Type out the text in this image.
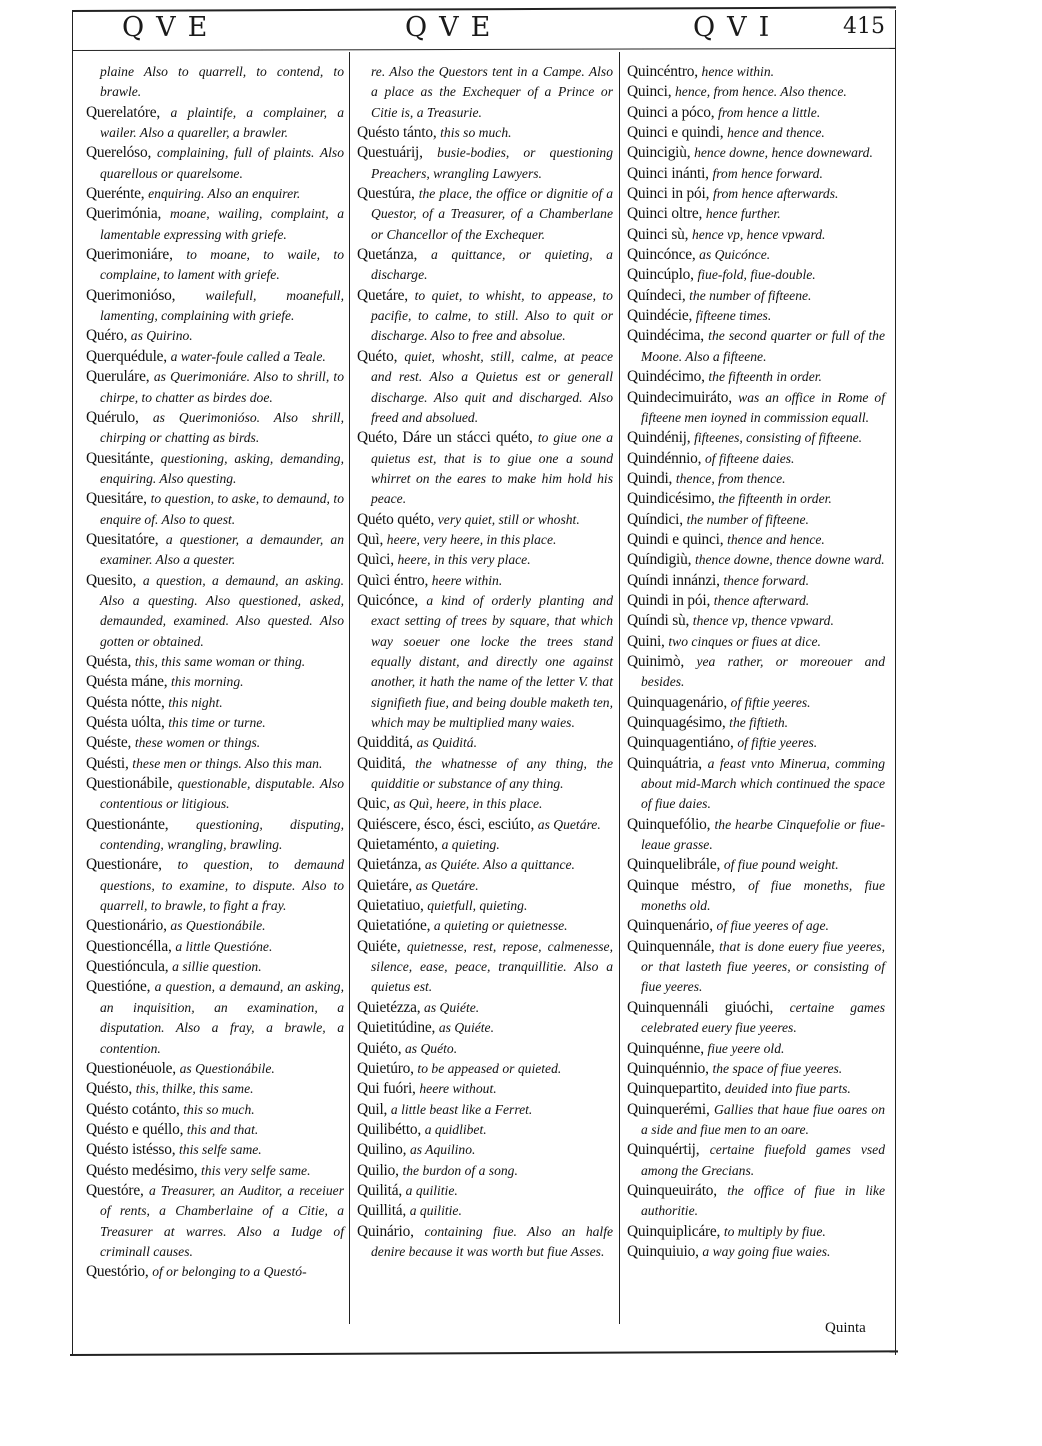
QVE	QVE	QVI	415

plaine Also to quarrell, to contend, to brawle.

Querelatóre, a plaintife, a complainer, a wailer. Also a quareller, a brawler.

Querelóso, complaining, full of plaints. Also quarellous or quarelsome.

Querénte, enquiring. Also an enquirer.

Querimónia, moane, wailing, complaint, a lamentable expressing with griefe.

Querimoniáre, to moane, to waile, to complaine, to lament with griefe.

Querimonióso, wailefull, moanefull, lamenting, complaining with griefe.

Quéro, as Quirino.

Querquédule, a water-foule called a Teale.

Queruláre, as Querimoniáre. Also to shrill, to chirpe, to chatter as birdes doe.

Quérulo, as Querimonióso. Also shrill, chirping or chatting as birds.

Quesitánte, questioning, asking, demanding, enquiring. Also questing.

Quesitáre, to question, to aske, to demaund, to enquire of. Also to quest.

Quesitatóre, a questioner, a demaunder, an examiner. Also a quester.

Quesito, a question, a demaund, an asking. Also a questing. Also questioned, asked, demaunded, examined. Also quested. Also gotten or obtained.

Quésta, this, this same woman or thing.

Quésta máne, this morning.

Quésta nótte, this night.

Quésta uólta, this time or turne.

Quéste, these women or things.

Quésti, these men or things. Also this man.

Questionábile, questionable, disputable. Also contentious or litigious.

Questionánte, questioning, disputing, contending, wrangling, brawling.

Questionáre, to question, to demaund questions, to examine, to dispute. Also to quarrell, to brawle, to fight a fray.

Questionário, as Questionábile.

Questioncélla, a little Questióne.

Questióncula, a sillie question.

Questióne, a question, a demaund, an asking, an inquisition, an examination, a disputation. Also a fray, a brawle, a contention.

Questionéuole, as Questionábile.

Quésto, this, thilke, this same.

Quésto cotánto, this so much.

Quésto e quéllo, this and that.

Quésto istésso, this selfe same.

Quésto medésimo, this very selfe same.

Questóre, a Treasurer, an Auditor, a receiuer of rents, a Chamberlaine of a Citie, a Treasurer at warres. Also a Iudge of criminall causes.

Questório, of or belonging to a Questó-

re. Also the Questors tent in a Campe. Also a place as the Exchequer of a Prince or Citie is, a Treasurie.

Quésto tánto, this so much.

Questuárij, busie-bodies, or questioning Preachers, wrangling Lawyers.

Questúra, the place, the office or dignitie of a Questor, of a Treasurer, of a Chamberlane or Chancellor of the Exchequer.

Quetánza, a quittance, or quieting, a discharge.

Quetáre, to quiet, to whisht, to appease, to pacifie, to calme, to still. Also to quit or discharge. Also to free and absolue.

Quéto, quiet, whosht, still, calme, at peace and rest. Also a Quietus est or generall discharge. Also quit and discharged. Also freed and absolued.

Quéto, Dáre un stácci quéto, to giue one a quietus est, that is to giue one a sound whirret on the eares to make him hold his peace.

Quéto quéto, very quiet, still or whosht.

Quì, heere, very heere, in this place.

Quìci, heere, in this very place.

Quìci éntro, heere within.

Quicónce, a kind of orderly planting and exact setting of trees by square, that which way soeuer one locke the trees stand equally distant, and directly one against another, it hath the name of the letter V. that signifieth fiue, and being double maketh ten, which may be multiplied many waies.

Quidditá, as Quiditá.

Quiditá, the whatnesse of any thing, the quidditie or substance of any thing.

Quic, as Quì, heere, in this place.

Quiéscere, ésco, ésci, esciúto, as Quetáre.

Quietaménto, a quieting.

Quietánza, as Quiéte. Also a quittance.

Quietáre, as Quetáre.

Quietatiuo, quietfull, quieting.

Quietatióne, a quieting or quietnesse.

Quiéte, quietnesse, rest, repose, calmenesse, silence, ease, peace, tranquillitie. Also a quietus est.

Quietézza, as Quiéte.

Quietitúdine, as Quiéte.

Quiéto, as Quéto.

Quietúro, to be appeased or quieted.

Qui fuóri, heere without.

Quil, a little beast like a Ferret.

Quilibétto, a quidlibet.

Quilino, as Aquilino.

Quilio, the burdon of a song.

Quilitá, a quilitie.

Quillitá, a quilitie.

Quinário, containing fiue. Also an halfe denire because it was worth but fiue Asses.

Quincéntro, hence within.

Quinci, hence, from hence. Also thence.

Quinci a póco, from hence a little.

Quinci e quindi, hence and thence.

Quincigiù, hence downe, hence downeward.

Quinci inánti, from hence forward.

Quinci in pói, from hence afterwards.

Quinci oltre, hence further.

Quinci sù, hence vp, hence vpward.

Quincónce, as Quicónce.

Quincúplo, fiue-fold, fiue-double.

Quíndeci, the number of fifteene.

Quindécie, fifteene times.

Quindécima, the second quarter or full of the Moone. Also a fifteene.

Quindécimo, the fifteenth in order.

Quindecimuiráto, was an office in Rome of fifteene men ioyned in commission equall.

Quindénij, fifteenes, consisting of fifteene.

Quindénnio, of fifteene daies.

Quindi, thence, from thence.

Quindicésimo, the fifteenth in order.

Quíndici, the number of fifteene.

Quindi e quinci, thence and hence.

Quíndigiù, thence downe, thence downe ward.

Quíndi innánzi, thence forward.

Quindi in pói, thence afterward.

Quíndi sù, thence vp, thence vpward.

Quini, two cinques or fiues at dice.

Quinimò, yea rather, or moreouer and besides.

Quinquagenário, of fiftie yeeres.

Quinquagésimo, the fiftieth.

Quinquagentiáno, of fiftie yeeres.

Quinquátria, a feast vnto Minerua, comming about mid-March which continued the space of fiue daies.

Quinquefólio, the hearbe Cinquefolie or fiue-leaue grasse.

Quinquelibrále, of fiue pound weight.

Quinque méstro, of fiue moneths, fiue moneths old.

Quinquenário, of fiue yeeres of age.

Quinquennále, that is done euery fiue yeeres, or that lasteth fiue yeeres, or consisting of fiue yeeres.

Quinquennáli giuóchi, certaine games celebrated euery fiue yeeres.

Quinquénne, fiue yeere old.

Quinquénnio, the space of fiue yeeres.

Quinquepartito, deuided into fiue parts.

Quinquerémi, Gallies that haue fiue oares on a side and fiue men to an oare.

Quinquértij, certaine fiuefold games vsed among the Grecians.

Quinqueuiráto, the office of fiue in like authoritie.

Quinquiplicáre, to multiply by fiue.

Quinquiuio, a way going fiue waies.

Quinta
